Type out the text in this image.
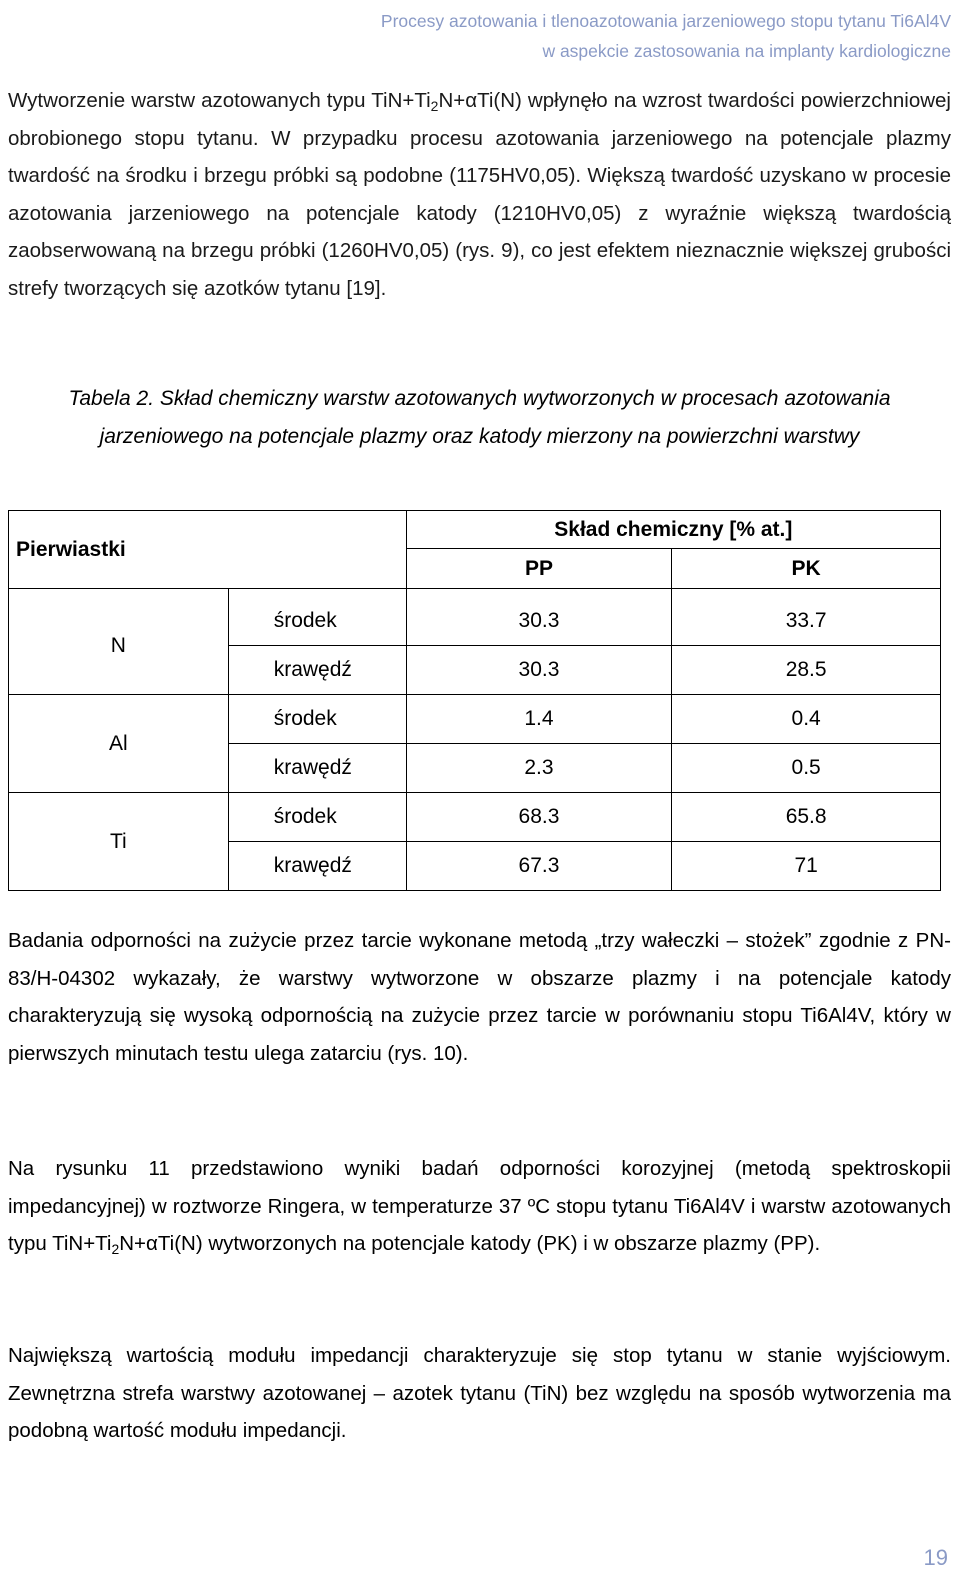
Procesy azotowania i tlenoazotowania jarzeniowego stopu tytanu Ti6Al4V
w aspekcie zastosowania na implanty kardiologiczne

Wytworzenie warstw azotowanych typu $TiN+Ti_2N+\alpha Ti(N)$ wpłynęło na wzrost twardości powierzchniowej obrobionego stopu tytanu. W przypadku procesu azotowania jarzeniowego na potencjale plazmy twardość na środku i brzegu próbki są podobne (1175HV0,05). Większą twardość uzyskano w procesie azotowania jarzeniowego na potencjale katody (1210HV0,05) z wyraźnie większą twardością zaobserwowaną na brzegu próbki (1260HV0,05) (rys. 9), co jest efektem nieznacznie większej grubości strefy tworzących się azotków tytanu [19].

Tabela 2. Skład chemiczny warstw azotowanych wytworzonych w procesach azotowania jarzeniowego na potencjale plazmy oraz katody mierzony na powierzchni warstwy

Pierwiastki		Skład chemiczny [% at.]	
		PP	PK

N	środek	30.3	33.7
	krawędź	30.3	28.5
Al	środek	1.4	0.4
	krawędź	2.3	0.5
Ti	środek	68.3	65.8
	krawędź	67.3	71

Badania odporności na zużycie przez tarcie wykonane metodą „trzy wałeczki – stożek” zgodnie z PN-83/H-04302 wykazały, że warstwy wytworzone w obszarze plazmy i na potencjale katody charakteryzują się wysoką odpornością na zużycie przez tarcie w porównaniu stopu Ti6Al4V, który w pierwszych minutach testu ulega zatarciu (rys. 10).

Na rysunku 11 przedstawiono wyniki badań odporności korozyjnej (metodą spektroskopii impedancyjnej) w roztworze Ringera, w temperaturze 37 ºC stopu tytanu Ti6Al4V i warstw azotowanych typu $TiN+Ti_2N+\alpha Ti(N)$ wytworzonych na potencjale katody (PK) i w obszarze plazmy (PP).

Największą wartością modułu impedancji charakteryzuje się stop tytanu w stanie wyjściowym. Zewnętrzna strefa warstwy azotowanej – azotek tytanu (TiN) bez względu na sposób wytworzenia ma podobną wartość modułu impedancji.

19
